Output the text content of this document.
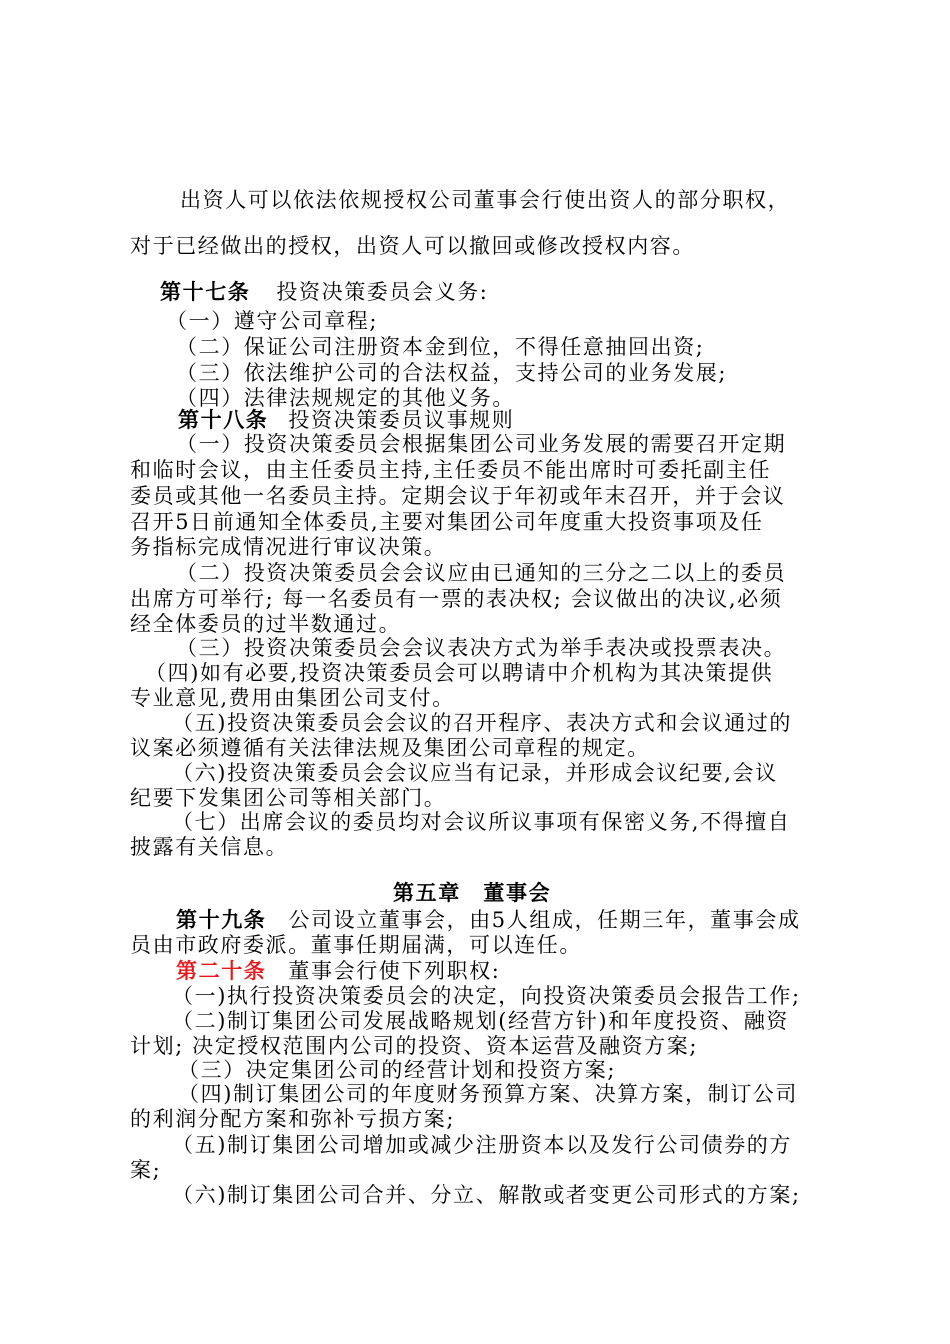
出资人可以依法依规授权公司董事会行使出资人的部分职权，
对于已经做出的授权，出资人可以撤回或修改授权内容。
第十七条 投资决策委员会义务:
（一）遵守公司章程;
（二）保证公司注册资本金到位，不得任意抽回出资;
（三）依法维护公司的合法权益，支持公司的业务发展;
（四）法律法规规定的其他义务。
第十八条 投资决策委员议事规则
（一）投资决策委员会根据集团公司业务发展的需要召开定期
和临时会议，由主任委员主持,主任委员不能出席时可委托副主任
委员或其他一名委员主持。定期会议于年初或年末召开，并于会议
召开5日前通知全体委员,主要对集团公司年度重大投资事项及任
务指标完成情况进行审议决策。
（二）投资决策委员会会议应由已通知的三分之二以上的委员
出席方可举行; 每一名委员有一票的表决权; 会议做出的决议,必须
经全体委员的过半数通过。
（三）投资决策委员会会议表决方式为举手表决或投票表决。
（四)如有必要,投资决策委员会可以聘请中介机构为其决策提供
专业意见,费用由集团公司支付。
（五)投资决策委员会会议的召开程序、表决方式和会议通过的
议案必须遵循有关法律法规及集团公司章程的规定。
（六)投资决策委员会会议应当有记录，并形成会议纪要,会议
纪要下发集团公司等相关部门。
（七）出席会议的委员均对会议所议事项有保密义务,不得擅自
披露有关信息。
第五章　董事会
第十九条 公司设立董事会，由5人组成，任期三年，董事会成
员由市政府委派。董事任期届满，可以连任。
第二十条 董事会行使下列职权:
（一)执行投资决策委员会的决定，向投资决策委员会报告工作;
（二)制订集团公司发展战略规划(经营方针)和年度投资、融资
计划; 决定授权范围内公司的投资、资本运营及融资方案;
（三）决定集团公司的经营计划和投资方案;
（四)制订集团公司的年度财务预算方案、决算方案，制订公司
的利润分配方案和弥补亏损方案;
（五)制订集团公司增加或减少注册资本以及发行公司债券的方
案;
（六)制订集团公司合并、分立、解散或者变更公司形式的方案;
